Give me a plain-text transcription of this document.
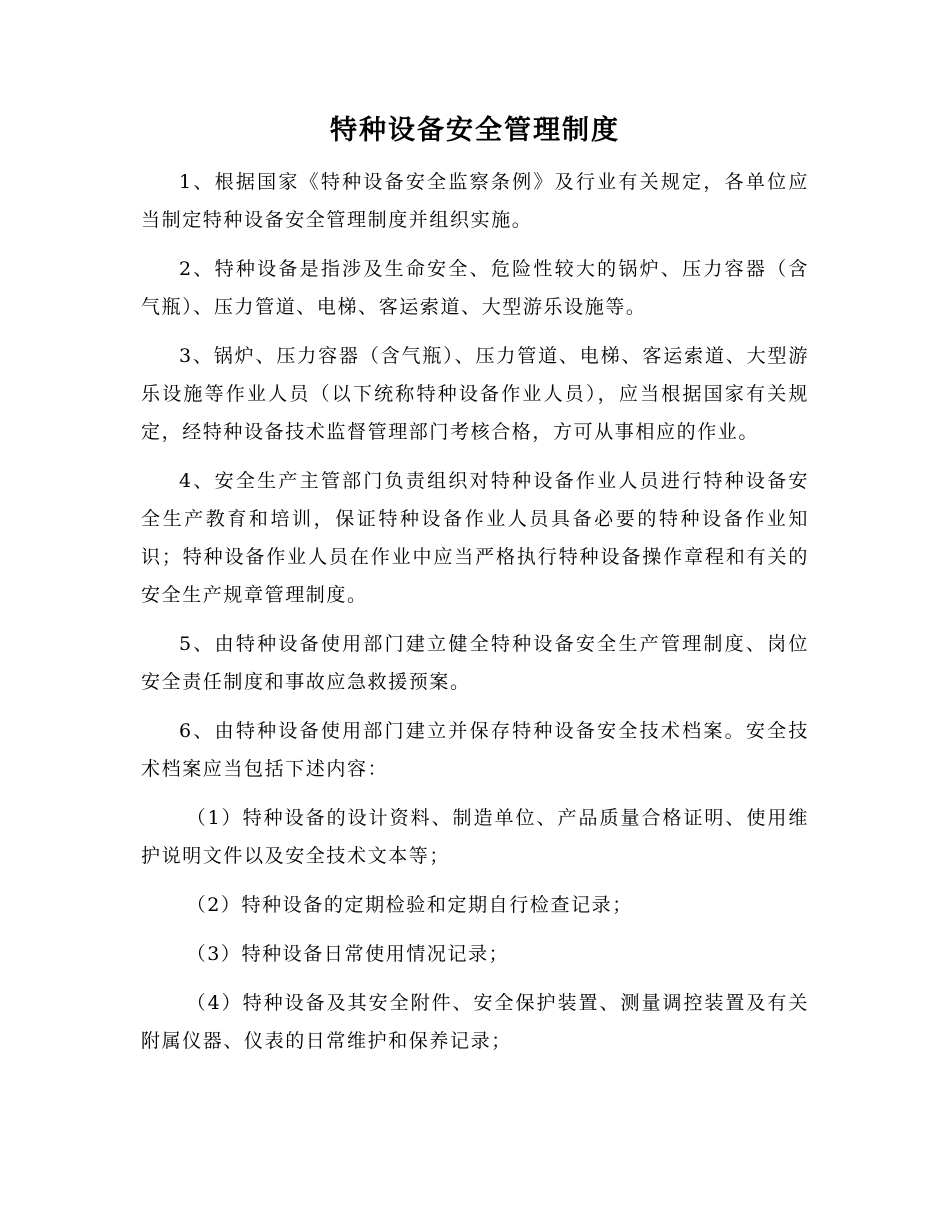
特种设备安全管理制度

1、根据国家《特种设备安全监察条例》及行业有关规定，各单位应当制定特种设备安全管理制度并组织实施。

2、特种设备是指涉及生命安全、危险性较大的锅炉、压力容器（含气瓶）、压力管道、电梯、客运索道、大型游乐设施等。

3、锅炉、压力容器（含气瓶）、压力管道、电梯、客运索道、大型游乐设施等作业人员（以下统称特种设备作业人员），应当根据国家有关规定，经特种设备技术监督管理部门考核合格，方可从事相应的作业。

4、安全生产主管部门负责组织对特种设备作业人员进行特种设备安全生产教育和培训，保证特种设备作业人员具备必要的特种设备作业知识；特种设备作业人员在作业中应当严格执行特种设备操作章程和有关的安全生产规章管理制度。

5、由特种设备使用部门建立健全特种设备安全生产管理制度、岗位安全责任制度和事故应急救援预案。

6、由特种设备使用部门建立并保存特种设备安全技术档案。安全技术档案应当包括下述内容：

（1）特种设备的设计资料、制造单位、产品质量合格证明、使用维护说明文件以及安全技术文本等；

（2）特种设备的定期检验和定期自行检查记录；

（3）特种设备日常使用情况记录；

（4）特种设备及其安全附件、安全保护装置、测量调控装置及有关附属仪器、仪表的日常维护和保养记录；
